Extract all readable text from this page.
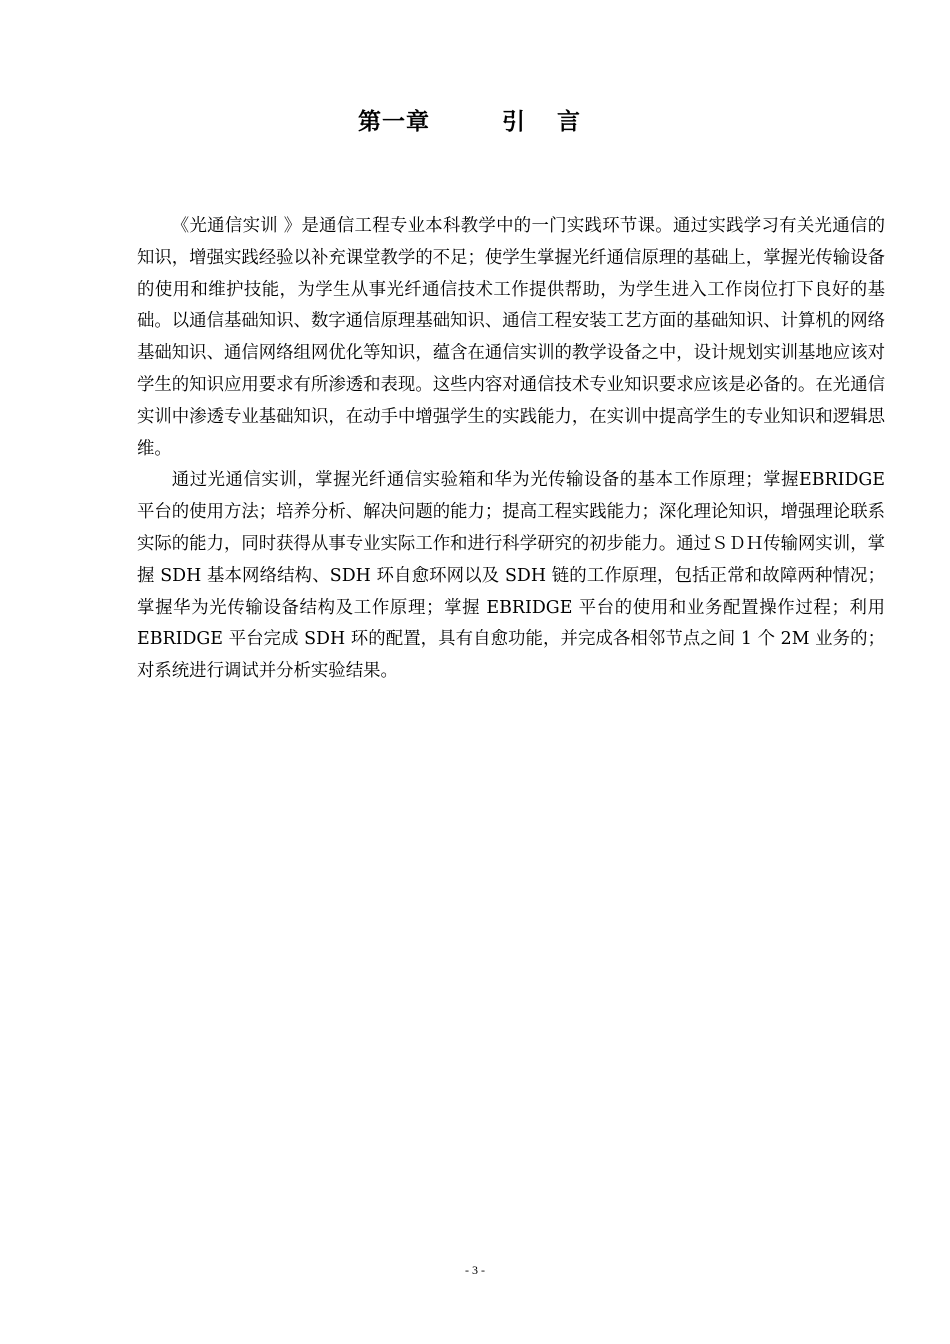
第一章	引 言

《光通信实训 》是通信工程专业本科教学中的一门实践环节课。通过实践学习有关光通信的知识，增强实践经验以补充课堂教学的不足；使学生掌握光纤通信原理的基础上，掌握光传输设备的使用和维护技能，为学生从事光纤通信技术工作提供帮助，为学生进入工作岗位打下良好的基础。以通信基础知识、数字通信原理基础知识、通信工程安装工艺方面的基础知识、计算机的网络基础知识、通信网络组网优化等知识，蕴含在通信实训的教学设备之中，设计规划实训基地应该对学生的知识应用要求有所渗透和表现。这些内容对通信技术专业知识要求应该是必备的。在光通信实训中渗透专业基础知识，在动手中增强学生的实践能力，在实训中提高学生的专业知识和逻辑思维。

通过光通信实训，掌握光纤通信实验箱和华为光传输设备的基本工作原理；掌握EBRIDGE 平台的使用方法；培养分析、解决问题的能力；提高工程实践能力；深化理论知识，增强理论联系实际的能力，同时获得从事专业实际工作和进行科学研究的初步能力。通过ＳＤＨ传输网实训，掌握 SDH 基本网络结构、SDH 环自愈环网以及 SDH 链的工作原理，包括正常和故障两种情况；掌握华为光传输设备结构及工作原理；掌握 EBRIDGE 平台的使用和业务配置操作过程；利用 EBRIDGE 平台完成 SDH 环的配置，具有自愈功能，并完成各相邻节点之间 1 个 2M 业务的；对系统进行调试并分析实验结果。

- 3 -
